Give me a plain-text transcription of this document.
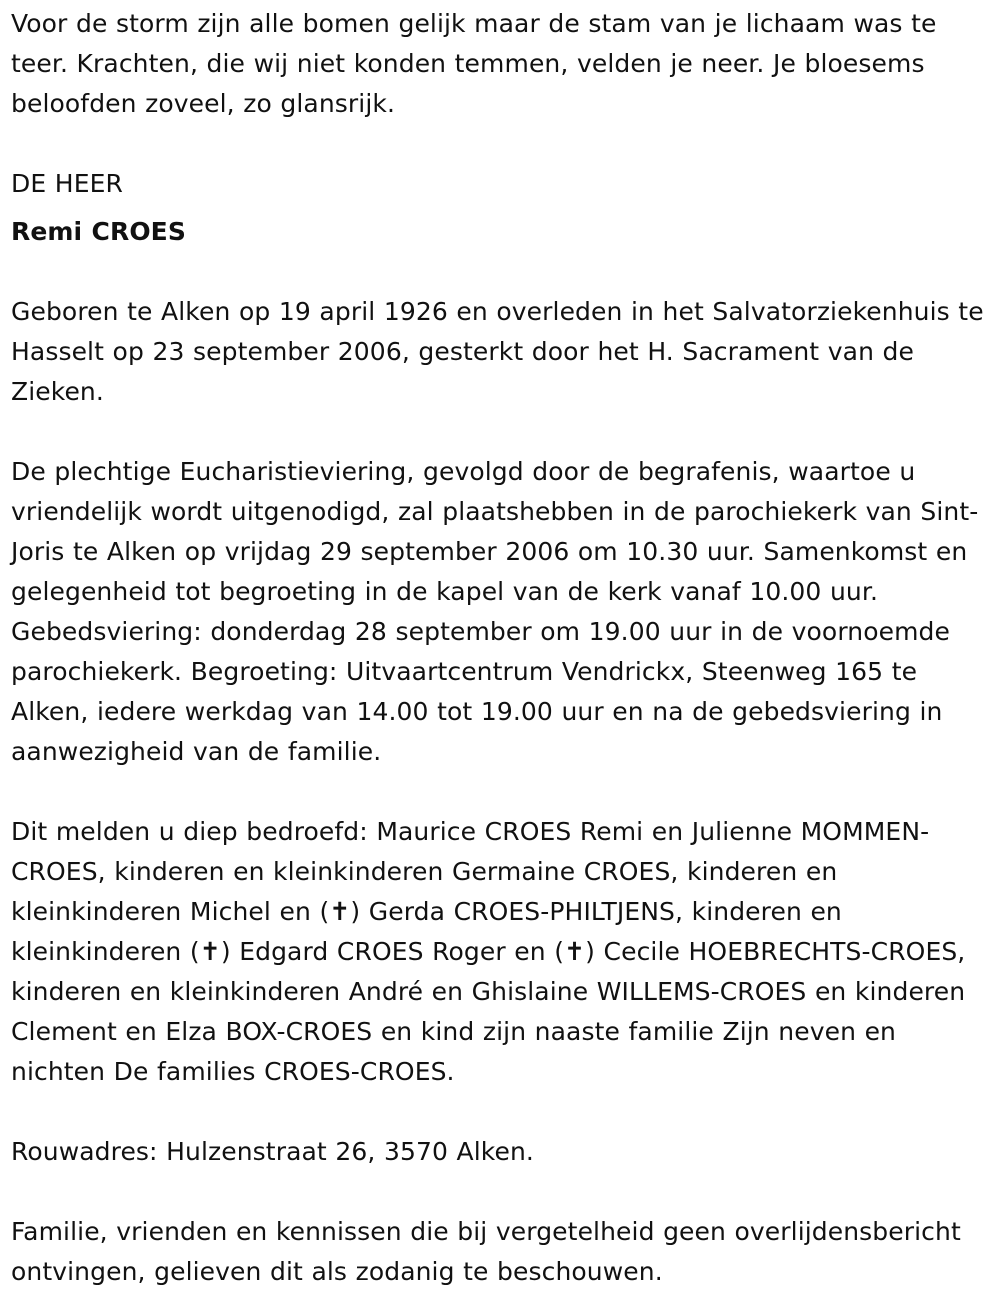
Voor de storm zijn alle bomen gelijk maar de stam van je lichaam was te teer. Krachten, die wij niet konden temmen, velden je neer. Je bloesems beloofden zoveel, zo glansrijk.

DE HEER

Remi CROES

Geboren te Alken op 19 april 1926 en overleden in het Salvatorziekenhuis te Hasselt op 23 september 2006, gesterkt door het H. Sacrament van de Zieken.

De plechtige Eucharistieviering, gevolgd door de begrafenis, waartoe u vriendelijk wordt uitgenodigd, zal plaatshebben in de parochiekerk van Sint-Joris te Alken op vrijdag 29 september 2006 om 10.30 uur. Samenkomst en gelegenheid tot begroeting in de kapel van de kerk vanaf 10.00 uur. Gebedsviering: donderdag 28 september om 19.00 uur in de voornoemde parochiekerk. Begroeting: Uitvaartcentrum Vendrickx, Steenweg 165 te Alken, iedere werkdag van 14.00 tot 19.00 uur en na de gebedsviering in aanwezigheid van de familie.

Dit melden u diep bedroefd: Maurice CROES Remi en Julienne MOMMEN-CROES, kinderen en kleinkinderen Germaine CROES, kinderen en kleinkinderen Michel en (✝) Gerda CROES-PHILTJENS, kinderen en kleinkinderen (✝) Edgard CROES Roger en (✝) Cecile HOEBRECHTS-CROES, kinderen en kleinkinderen André en Ghislaine WILLEMS-CROES en kinderen Clement en Elza BOX-CROES en kind zijn naaste familie Zijn neven en nichten De families CROES-CROES.

Rouwadres: Hulzenstraat 26, 3570 Alken.

Familie, vrienden en kennissen die bij vergetelheid geen overlijdensbericht ontvingen, gelieven dit als zodanig te beschouwen.
